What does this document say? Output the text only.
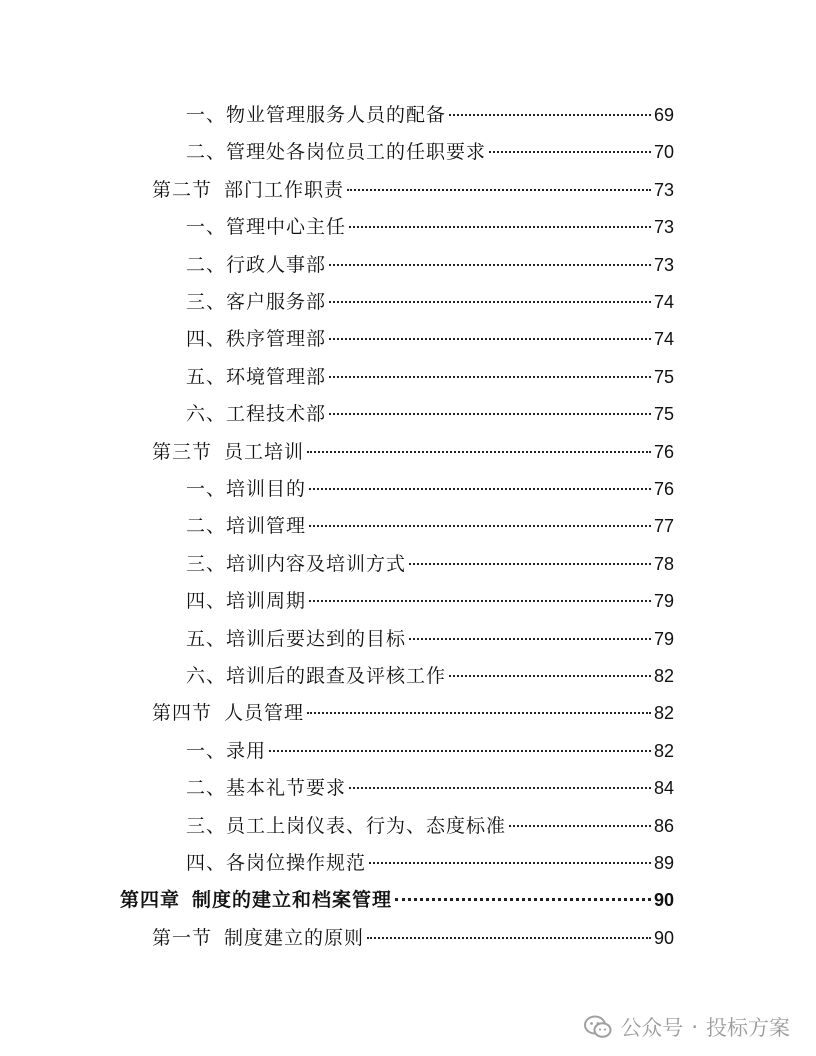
一、 物业管理服务人员的配备	69
二、 管理处各岗位员工的任职要求	70
第二节 部门工作职责	73
一、 管理中心主任	73
二、 行政人事部	73
三、 客户服务部	74
四、 秩序管理部	74
五、 环境管理部	75
六、 工程技术部	75
第三节 员工培训	76
一、 培训目的	76
二、 培训管理	77
三、 培训内容及培训方式	78
四、 培训周期	79
五、 培训后要达到的目标	79
六、 培训后的跟查及评核工作	82
第四节 人员管理	82
一、 录用	82
二、 基本礼节要求	84
三、 员工上岗仪表、行为、态度标准	86
四、 各岗位操作规范	89
第四章 制度的建立和档案管理	90
第一节 制度建立的原则	90
公众号 · 投标方案
